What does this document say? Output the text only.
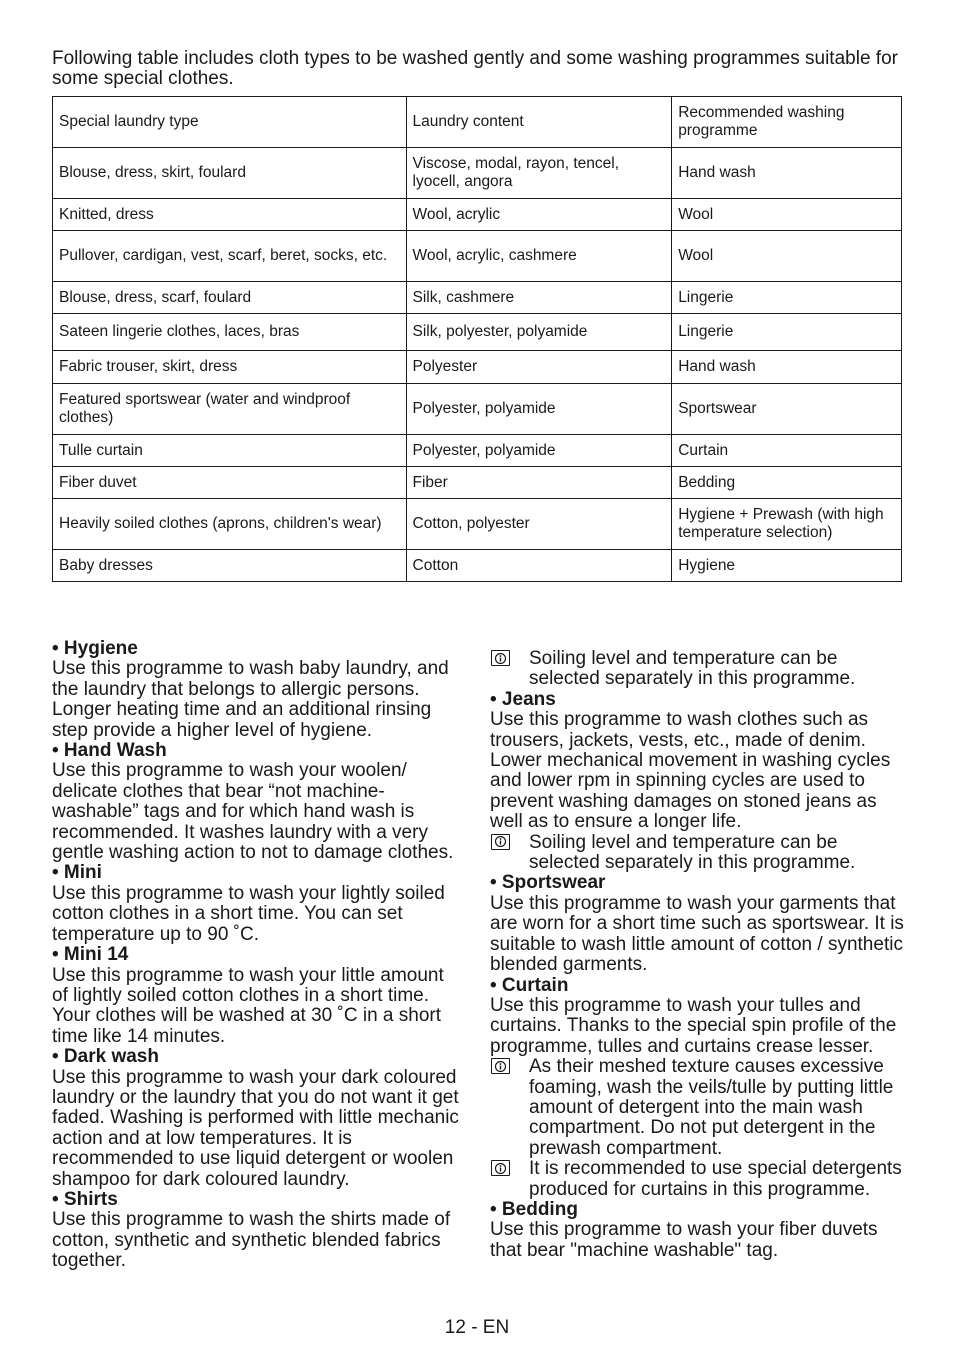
Following table includes cloth types to be washed gently and some washing programmes suitable for some special clothes.

Special laundry type	Laundry content	Recommended washing programme
Blouse, dress, skirt, foulard	Viscose, modal, rayon, tencel, lyocell, angora	Hand wash
Knitted, dress	Wool, acrylic	Wool
Pullover, cardigan, vest, scarf, beret, socks, etc.	Wool, acrylic, cashmere	Wool
Blouse, dress, scarf, foulard	Silk, cashmere	Lingerie
Sateen lingerie clothes, laces, bras	Silk, polyester, polyamide	Lingerie
Fabric trouser, skirt, dress	Polyester	Hand wash
Featured sportswear (water and windproof clothes)	Polyester, polyamide	Sportswear
Tulle curtain	Polyester, polyamide	Curtain
Fiber duvet	Fiber	Bedding
Heavily soiled clothes (aprons, children's wear)	Cotton, polyester	Hygiene + Prewash (with high temperature selection)
Baby dresses	Cotton	Hygiene

• Hygiene

Use this programme to wash baby laundry, and the laundry that belongs to allergic persons. Longer heating time and an additional rinsing step provide a higher level of hygiene.

• Hand Wash

Use this programme to wash your woolen/ delicate clothes that bear “not machine-washable” tags and for which hand wash is recommended. It washes laundry with a very gentle washing action to not to damage clothes.

• Mini

Use this programme to wash your lightly soiled cotton clothes in a short time. You can set temperature up to 90 ˚C.

• Mini 14

Use this programme to wash your little amount of lightly soiled cotton clothes in a short time. Your clothes will be washed at 30 ˚C in a short time like 14 minutes.

• Dark wash

Use this programme to wash your dark coloured laundry or the laundry that you do not want it get faded. Washing is performed with little mechanic action and at low temperatures. It is recommended to use liquid detergent or woolen shampoo for dark coloured laundry.

• Shirts

Use this programme to wash the shirts made of cotton, synthetic and synthetic blended fabrics together.

Soiling level and temperature can be selected separately in this programme.

• Jeans

Use this programme to wash clothes such as trousers, jackets, vests, etc., made of denim. Lower mechanical movement in washing cycles and lower rpm in spinning cycles are used to prevent washing damages on stoned jeans as well as to ensure a longer life.

Soiling level and temperature can be selected separately in this programme.

• Sportswear

Use this programme to wash your garments that are worn for a short time such as sportswear. It is suitable to wash little amount of cotton / synthetic blended garments.

• Curtain

Use this programme to wash your tulles and curtains. Thanks to the special spin profile of the programme, tulles and curtains crease lesser.

As their meshed texture causes excessive foaming, wash the veils/tulle by putting little amount of detergent into the main wash compartment. Do not put detergent in the prewash compartment.

It is recommended to use special detergents produced for curtains in this programme.

• Bedding

Use this programme to wash your fiber duvets that bear "machine washable" tag.

12 - EN
